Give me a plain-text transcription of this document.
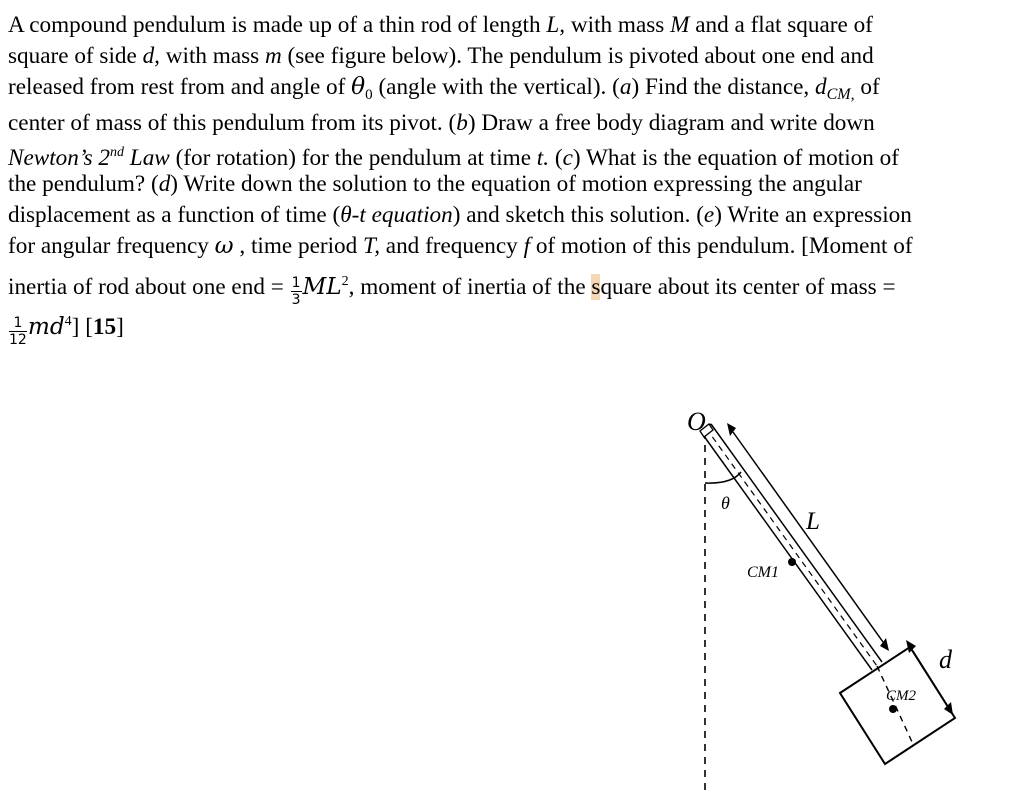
A compound pendulum is made up of a thin rod of length L, with mass M and a flat square of
square of side d, with mass m (see figure below). The pendulum is pivoted about one end and
released from rest from and angle of $\theta_0$ (angle with the vertical). (a) Find the distance, $d_{CM,}$ of
center of mass of this pendulum from its pivot. (b) Draw a free body diagram and write down
Newton’s 2nd Law (for rotation) for the pendulum at time t. (c) What is the equation of motion of
the pendulum? (d) Write down the solution to the equation of motion expressing the angular
displacement as a function of time (θ-t equation) and sketch this solution. (e) Write an expression
for angular frequency ω , time period T, and frequency f of motion of this pendulum. [Moment of
inertia of rod about one end = $\frac{1}{3} ML^2$, moment of inertia of the square about its center of mass =
$\frac{1}{12} md^4$] [15]
O
θ
L
CM1
d
CM2
